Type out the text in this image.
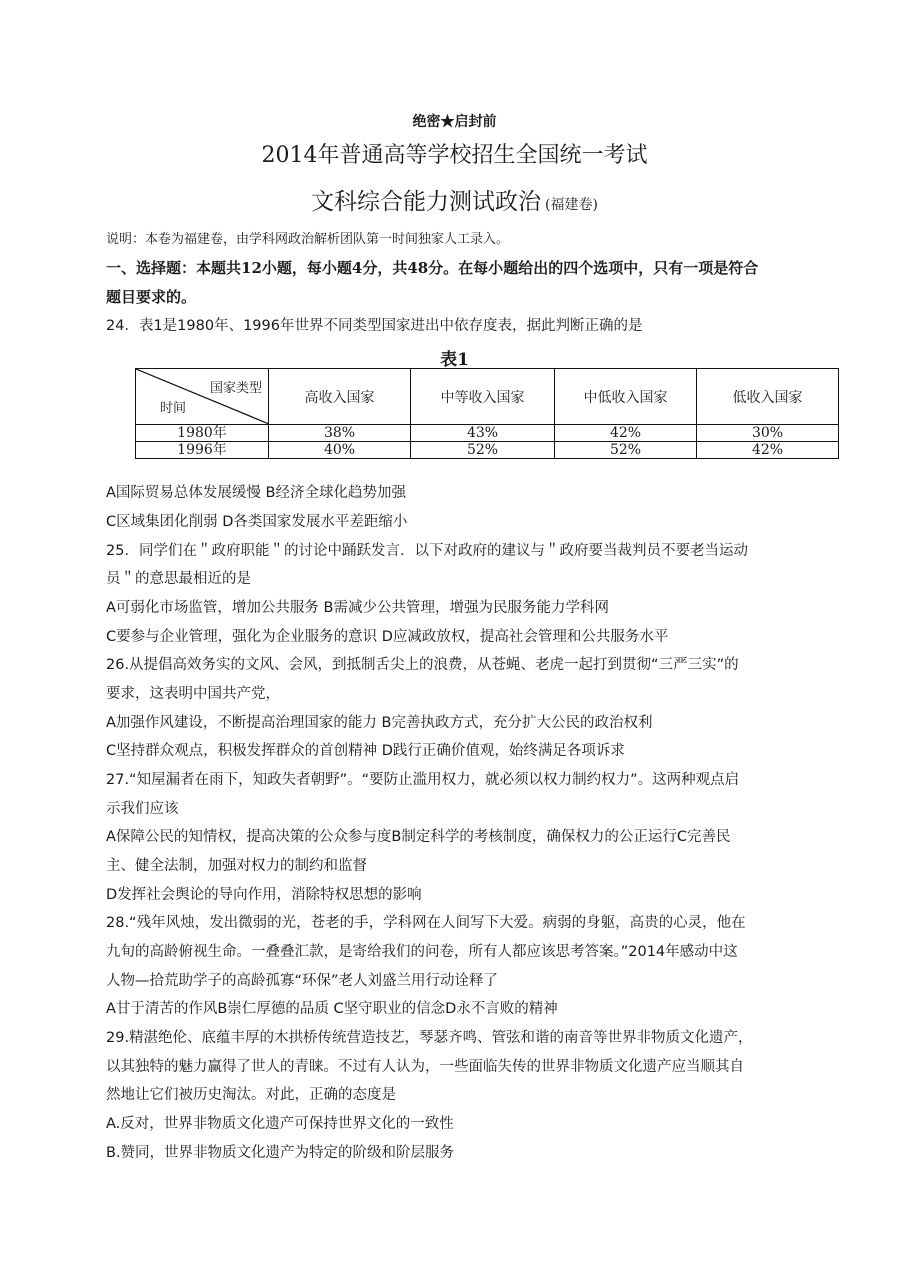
绝密★启封前
2014年普通高等学校招生全国统一考试
文科综合能力测试政治 (福建卷)
说明：本卷为福建卷，由学科网政治解析团队第一时间独家人工录入。
一、选择题：本题共12小题，每小题4分，共48分。在每小题给出的四个选项中，只有一项是符合
题目要求的。
24．表1是1980年、1996年世界不同类型国家进出中依存度表，据此判断正确的是
表1
国家类型
时间	高收入国家	中等收入国家	中低收入国家	低收入国家
1980年	38%	43%	42%	30%
1996年	40%	52%	52%	42%
A国际贸易总体发展缓慢 B经济全球化趋势加强
C区域集团化削弱 D各类国家发展水平差距缩小
25．同学们在＂政府职能＂的讨论中踊跃发言．以下对政府的建议与＂政府要当裁判员不要老当运动
员＂的意思最相近的是
A可弱化市场监管，增加公共服务 B需减少公共管理，增强为民服务能力学科网
C要参与企业管理，强化为企业服务的意识 D应减政放权，提高社会管理和公共服务水平
26.从提倡高效务实的文风、会风，到抵制舌尖上的浪费，从苍蝇、老虎一起打到贯彻“三严三实”的
要求，这表明中国共产党，
A加强作风建设，不断提高治理国家的能力 B完善执政方式，充分扩大公民的政治权利
C坚持群众观点，积极发挥群众的首创精神 D践行正确价值观，始终满足各项诉求
27.“知屋漏者在雨下，知政失者朝野”。“要防止滥用权力，就必须以权力制约权力”。这两种观点启
示我们应该
A保障公民的知情权，提高决策的公众参与度B制定科学的考核制度，确保权力的公正运行C完善民
主、健全法制，加强对权力的制约和监督
D发挥社会舆论的导向作用，消除特权思想的影响
28.“残年风烛，发出微弱的光，苍老的手，学科网在人间写下大爱。病弱的身躯，高贵的心灵，他在
九旬的高龄俯视生命。一叠叠汇款，是寄给我们的问卷，所有人都应该思考答案。”2014年感动中这
人物—拾荒助学子的高龄孤寡“环保”老人刘盛兰用行动诠释了
A甘于清苦的作风B崇仁厚德的品质 C坚守职业的信念D永不言败的精神
29.精湛绝伦、底蕴丰厚的木拱桥传统营造技艺，琴瑟齐鸣、管弦和谐的南音等世界非物质文化遗产，
以其独特的魅力赢得了世人的青睐。不过有人认为，一些面临失传的世界非物质文化遗产应当顺其自
然地让它们被历史淘汰。对此，正确的态度是
A.反对，世界非物质文化遗产可保持世界文化的一致性
B.赞同，世界非物质文化遗产为特定的阶级和阶层服务
